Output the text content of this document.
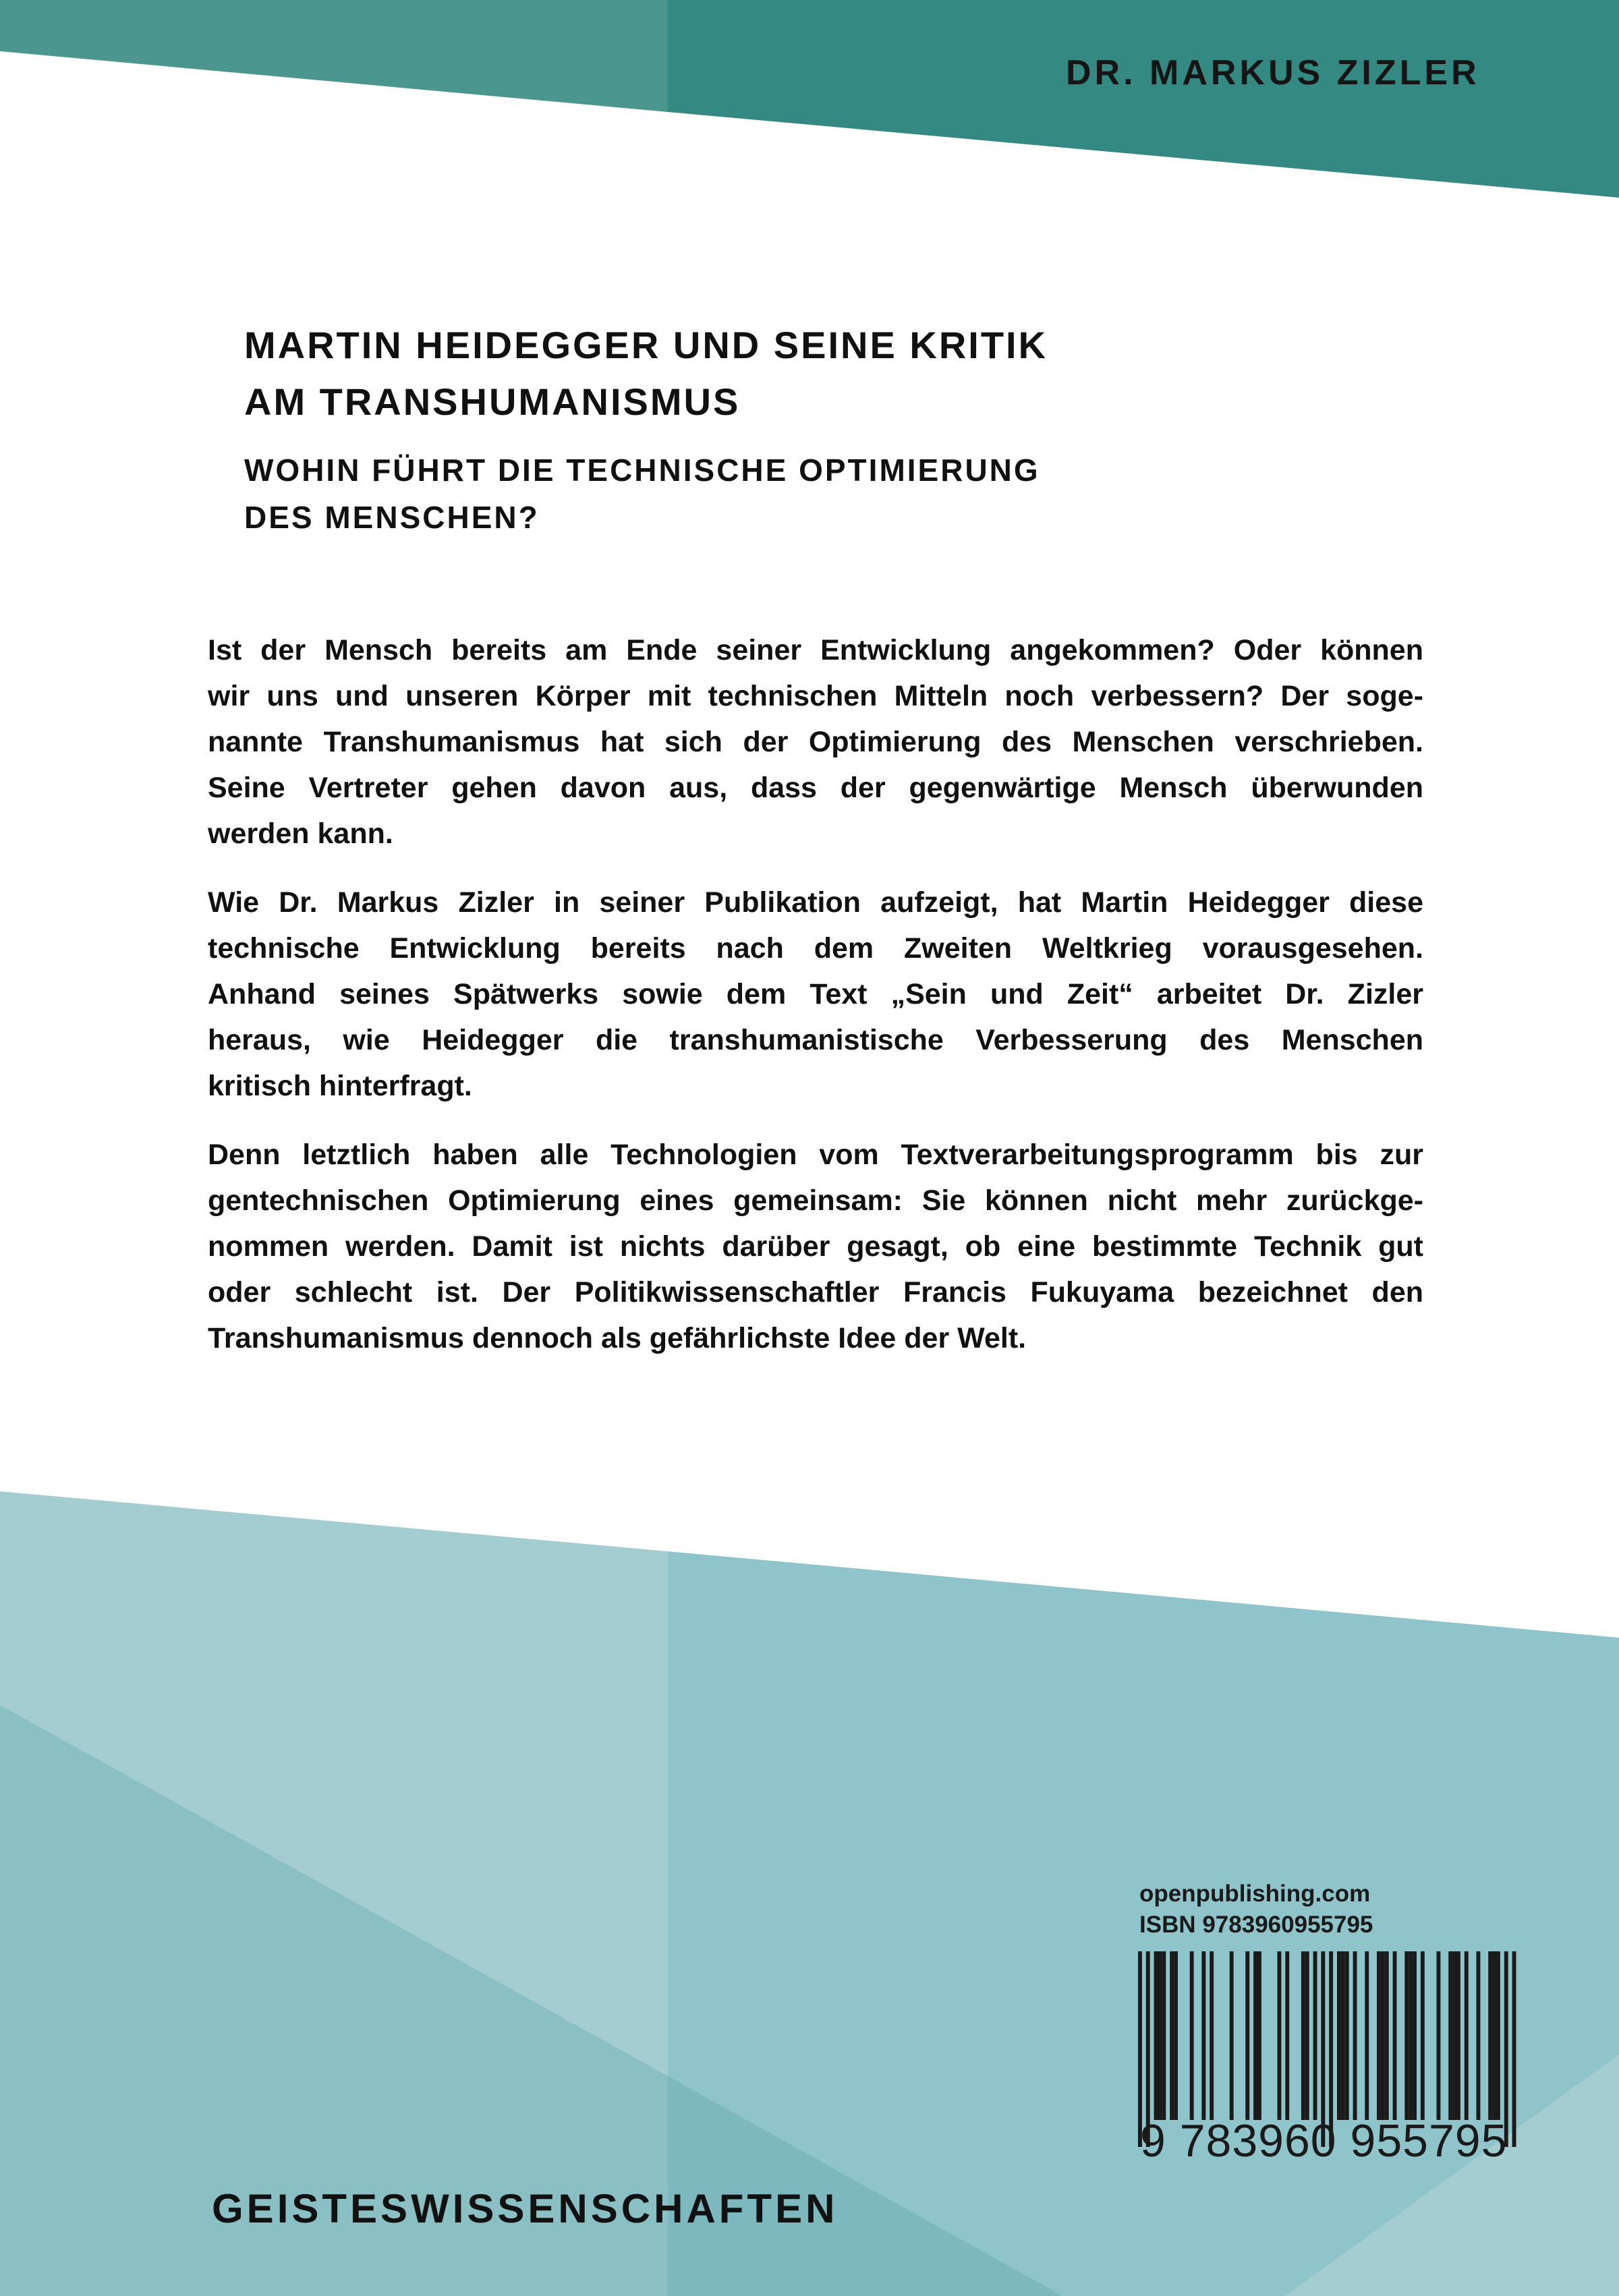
DR. MARKUS ZIZLER
MARTIN HEIDEGGER UND SEINE KRITIK
AM TRANSHUMANISMUS
WOHIN FÜHRT DIE TECHNISCHE OPTIMIERUNG
DES MENSCHEN?
Ist der Mensch bereits am Ende seiner Entwicklung angekommen? Oder können
wir uns und unseren Körper mit technischen Mitteln noch verbessern? Der soge-
nannte Transhumanismus hat sich der Optimierung des Menschen verschrieben.
Seine Vertreter gehen davon aus, dass der gegenwärtige Mensch überwunden
werden kann.
Wie Dr. Markus Zizler in seiner Publikation aufzeigt, hat Martin Heidegger diese
technische Entwicklung bereits nach dem Zweiten Weltkrieg vorausgesehen.
Anhand seines Spätwerks sowie dem Text „Sein und Zeit“ arbeitet Dr. Zizler
heraus, wie Heidegger die transhumanistische Verbesserung des Menschen
kritisch hinterfragt.
Denn letztlich haben alle Technologien vom Textverarbeitungsprogramm bis zur
gentechnischen Optimierung eines gemeinsam: Sie können nicht mehr zurückge-
nommen werden. Damit ist nichts darüber gesagt, ob eine bestimmte Technik gut
oder schlecht ist. Der Politikwissenschaftler Francis Fukuyama bezeichnet den
Transhumanismus dennoch als gefährlichste Idee der Welt.
openpublishing.com
ISBN 9783960955795
9 783960 955795
GEISTESWISSENSCHAFTEN
